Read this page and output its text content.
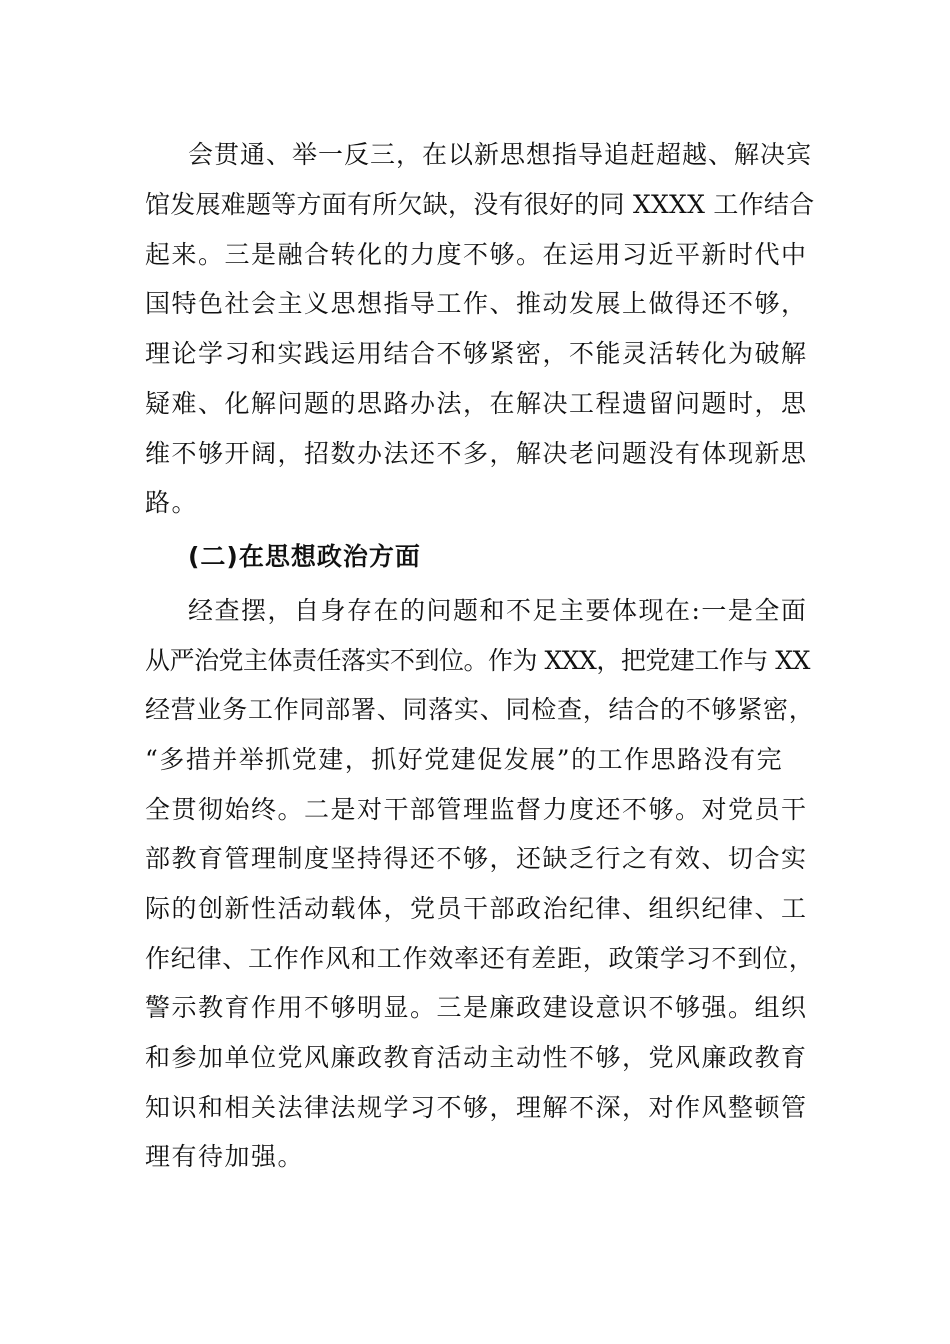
会贯通、举一反三，在以新思想指导追赶超越、解决宾
馆发展难题等方面有所欠缺，没有很好的同 XXXX 工作结合
起来。三是融合转化的力度不够。在运用习近平新时代中
国特色社会主义思想指导工作、推动发展上做得还不够，
理论学习和实践运用结合不够紧密，不能灵活转化为破解
疑难、化解问题的思路办法，在解决工程遗留问题时，思
维不够开阔，招数办法还不多，解决老问题没有体现新思
路。
(二)在思想政治方面
经查摆，自身存在的问题和不足主要体现在:一是全面
从严治党主体责任落实不到位。作为 XXX，把党建工作与 XX
经营业务工作同部署、同落实、同检查，结合的不够紧密，
“多措并举抓党建，抓好党建促发展”的工作思路没有完
全贯彻始终。二是对干部管理监督力度还不够。对党员干
部教育管理制度坚持得还不够，还缺乏行之有效、切合实
际的创新性活动载体，党员干部政治纪律、组织纪律、工
作纪律、工作作风和工作效率还有差距，政策学习不到位，
警示教育作用不够明显。三是廉政建设意识不够强。组织
和参加单位党风廉政教育活动主动性不够，党风廉政教育
知识和相关法律法规学习不够，理解不深，对作风整顿管
理有待加强。
